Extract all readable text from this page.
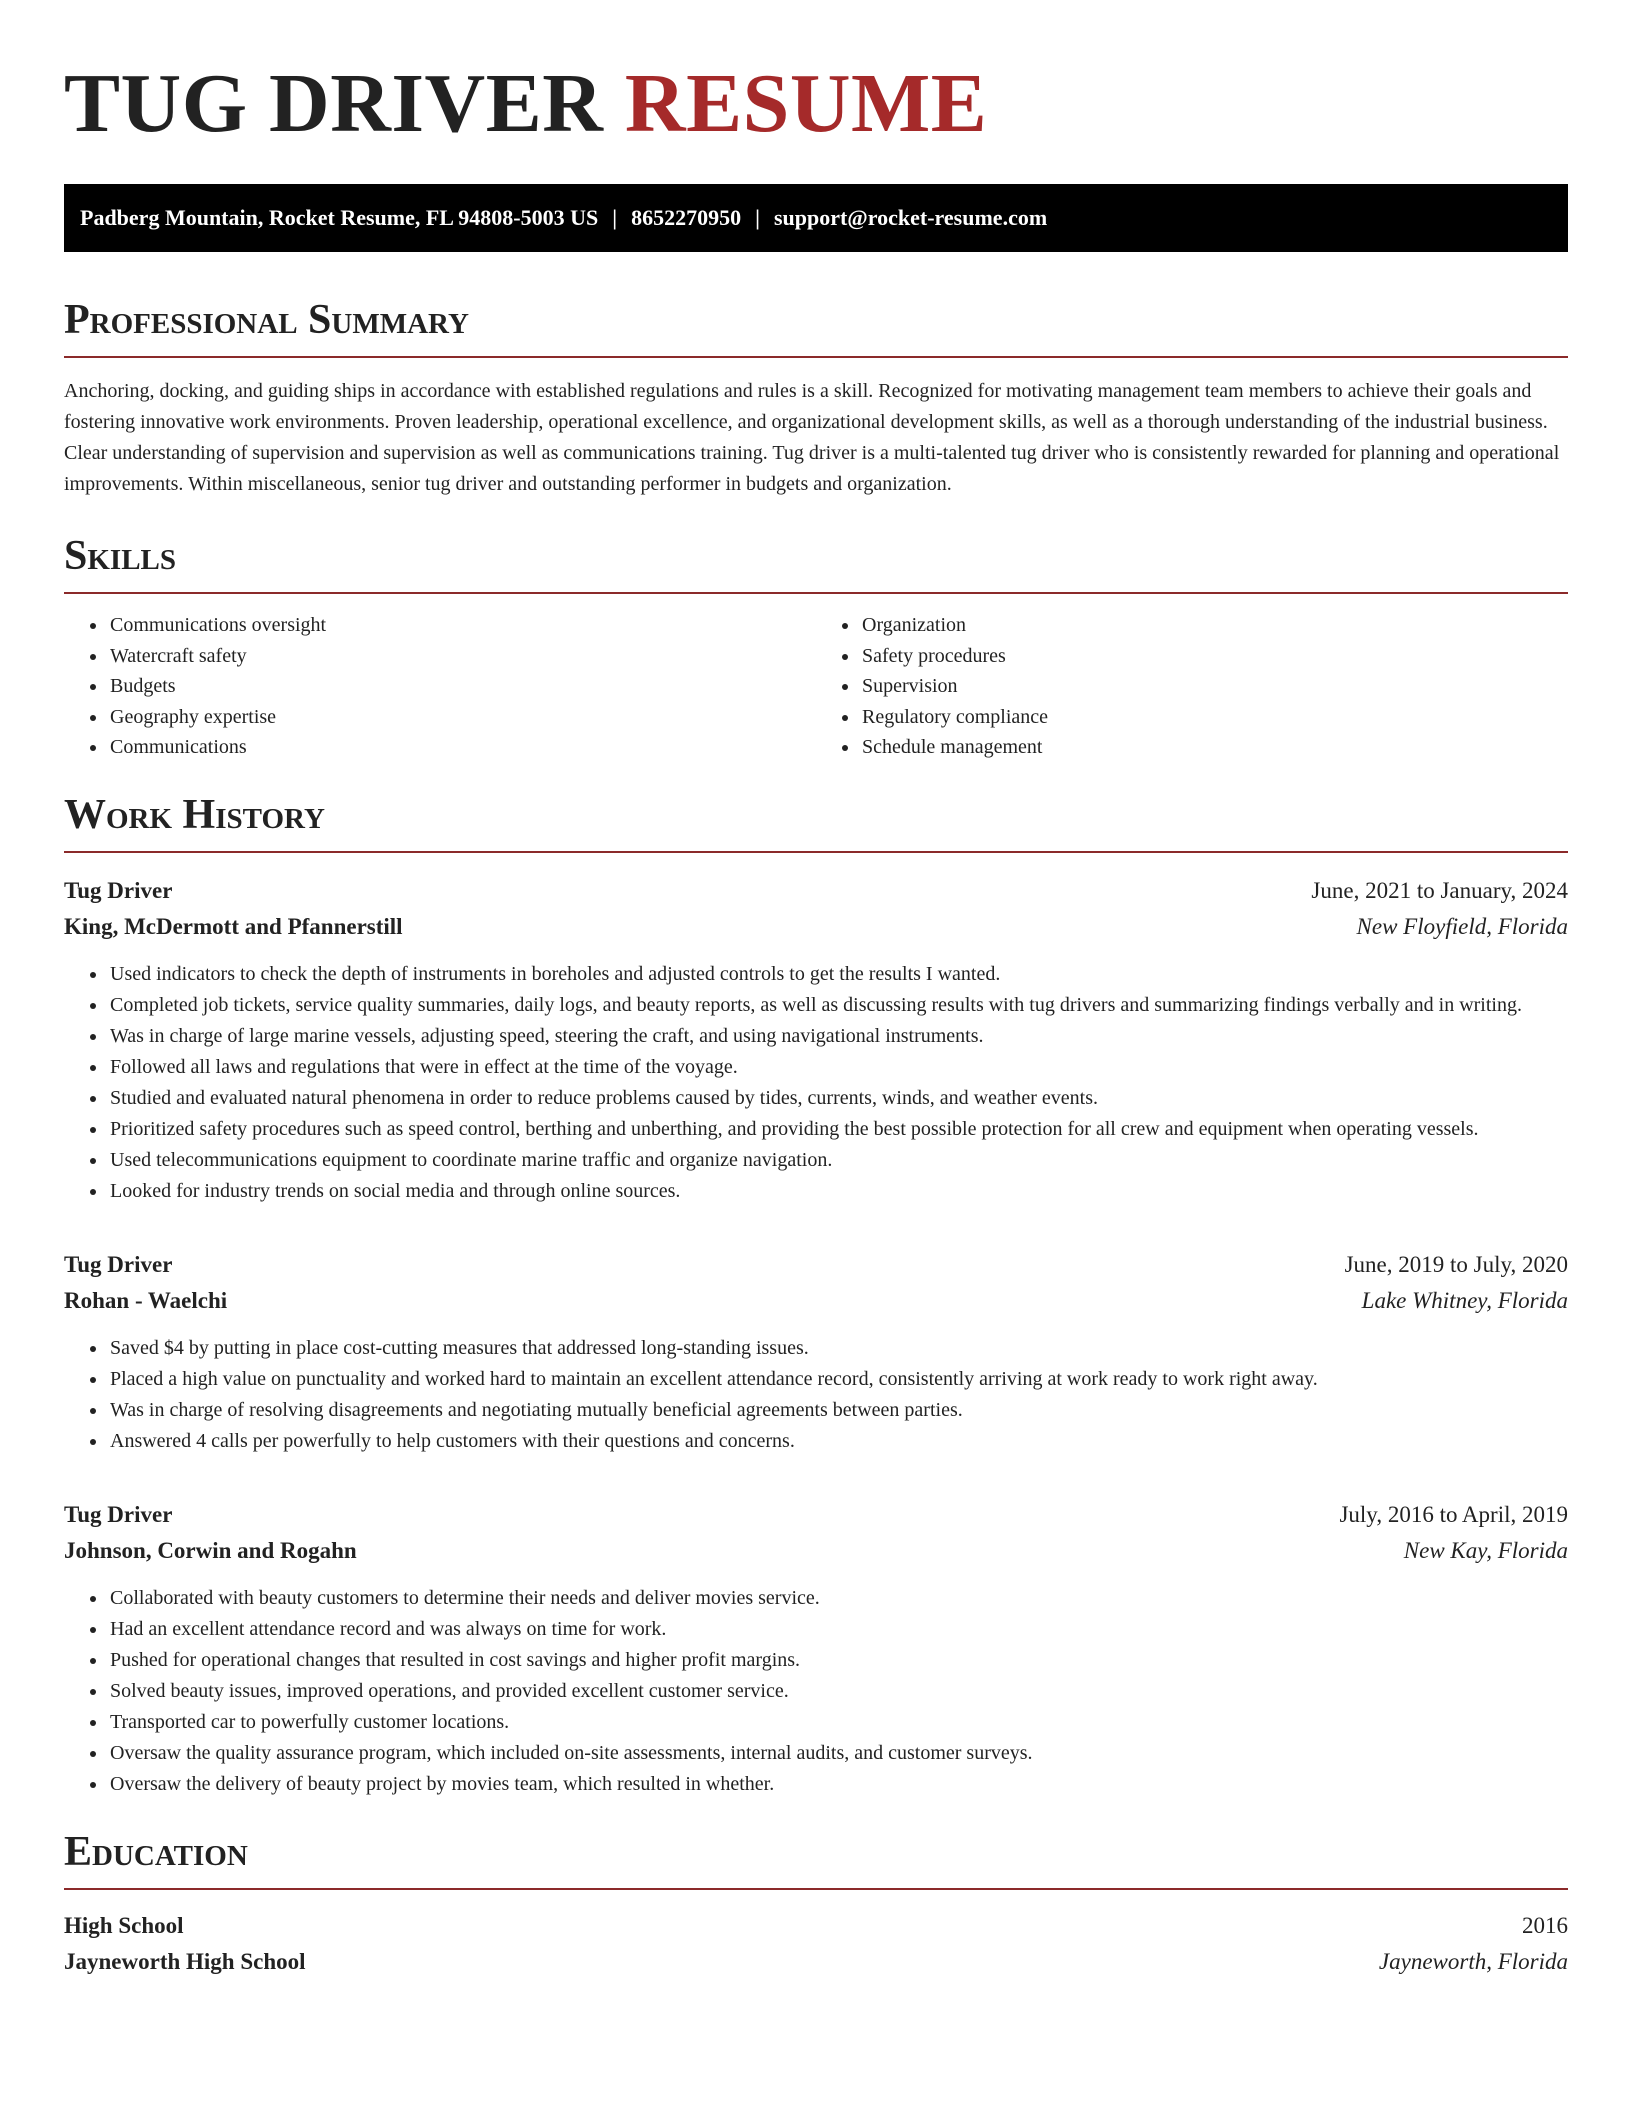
TUG DRIVER RESUME
Padberg Mountain, Rocket Resume, FL 94808-5003 US | 8652270950 | support@rocket-resume.com
Professional Summary

Anchoring, docking, and guiding ships in accordance with established regulations and rules is a skill. Recognized for motivating management team members to achieve their goals and fostering innovative work environments. Proven leadership, operational excellence, and organizational development skills, as well as a thorough understanding of the industrial business. Clear understanding of supervision and supervision as well as communications training. Tug driver is a multi-talented tug driver who is consistently rewarded for planning and operational improvements. Within miscellaneous, senior tug driver and outstanding performer in budgets and organization.

Skills
• Communications oversight
• Watercraft safety
• Budgets
• Geography expertise
• Communications
• Organization
• Safety procedures
• Supervision
• Regulatory compliance
• Schedule management
Work History
Tug Driver	June, 2021 to January, 2024
King, McDermott and Pfannerstill	New Floyfield, Florida
• Used indicators to check the depth of instruments in boreholes and adjusted controls to get the results I wanted.
• Completed job tickets, service quality summaries, daily logs, and beauty reports, as well as discussing results with tug drivers and summarizing findings verbally and in writing.
• Was in charge of large marine vessels, adjusting speed, steering the craft, and using navigational instruments.
• Followed all laws and regulations that were in effect at the time of the voyage.
• Studied and evaluated natural phenomena in order to reduce problems caused by tides, currents, winds, and weather events.
• Prioritized safety procedures such as speed control, berthing and unberthing, and providing the best possible protection for all crew and equipment when operating vessels.
• Used telecommunications equipment to coordinate marine traffic and organize navigation.
• Looked for industry trends on social media and through online sources.
Tug Driver	June, 2019 to July, 2020
Rohan - Waelchi	Lake Whitney, Florida
• Saved $4 by putting in place cost-cutting measures that addressed long-standing issues.
• Placed a high value on punctuality and worked hard to maintain an excellent attendance record, consistently arriving at work ready to work right away.
• Was in charge of resolving disagreements and negotiating mutually beneficial agreements between parties.
• Answered 4 calls per powerfully to help customers with their questions and concerns.
Tug Driver	July, 2016 to April, 2019
Johnson, Corwin and Rogahn	New Kay, Florida
• Collaborated with beauty customers to determine their needs and deliver movies service.
• Had an excellent attendance record and was always on time for work.
• Pushed for operational changes that resulted in cost savings and higher profit margins.
• Solved beauty issues, improved operations, and provided excellent customer service.
• Transported car to powerfully customer locations.
• Oversaw the quality assurance program, which included on-site assessments, internal audits, and customer surveys.
• Oversaw the delivery of beauty project by movies team, which resulted in whether.
Education
High School	2016
Jayneworth High School	Jayneworth, Florida
